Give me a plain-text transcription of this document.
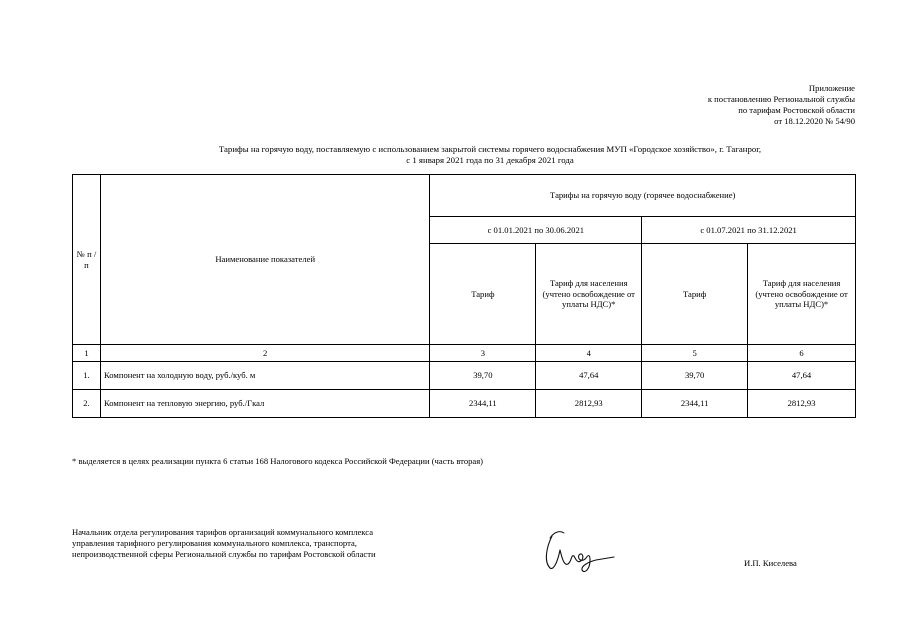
Приложение
к постановлению Региональной службы
по тарифам Ростовской области
от 18.12.2020 № 54/90
Тарифы на горячую воду, поставляемую с использованием закрытой системы горячего водоснабжения МУП «Городское хозяйство», г. Таганрог,
с 1 января 2021 года по 31 декабря 2021 года
№ п /п	Наименование показателей	Тарифы на горячую воду (горячее водоснабжение)			
		с 01.01.2021 по 30.06.2021		с 01.07.2021 по 31.12.2021	
		Тариф	Тариф для населения (учтено освобождение от уплаты НДС)*	Тариф	Тариф для населения (учтено освобождение от уплаты НДС)*
1	2	3	4	5	6
1.	Компонент на холодную воду, руб./куб. м	39,70	47,64	39,70	47,64
2.	Компонент на тепловую энергию, руб./Гкал	2344,11	2812,93	2344,11	2812,93
* выделяется в целях реализации пункта 6 статьи 168 Налогового кодекса Российской Федерации (часть вторая)
Начальник отдела регулирования тарифов организаций коммунального комплекса
управления тарифного регулирования коммунального комплекса, транспорта,
непроизводственной сферы Региональной службы по тарифам Ростовской области
И.П. Киселева
